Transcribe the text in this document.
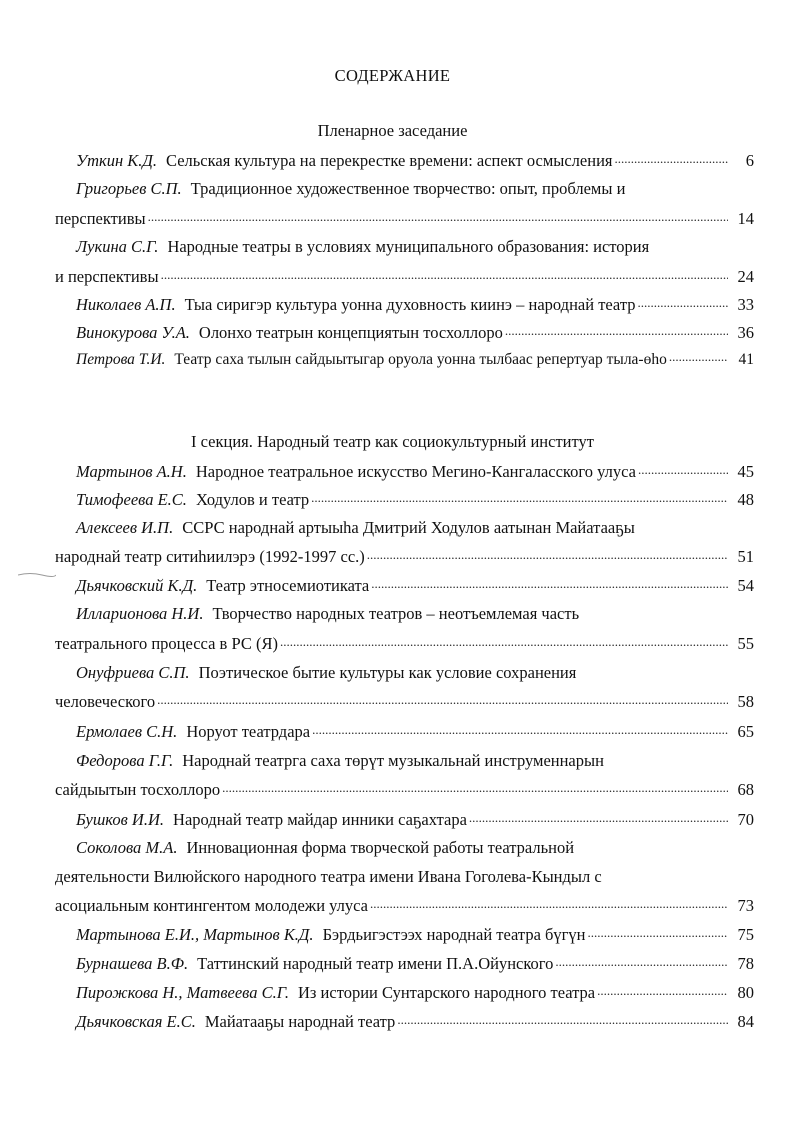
СОДЕРЖАНИЕ
Пленарное заседание
I секция. Народный театр как социокультурный институт
Уткин К.Д. Сельская культура на перекрестке времени: аспект осмысления .....	6
Григорьев С.П. Традиционное художественное творчество: опыт, проблемы и
перспективы .....	14
Лукина С.Г. Народные театры в условиях муниципального образования: история
и перспективы .....	24
Николаев А.П. Тыа сиригэр культура уонна духовность киинэ – народнай театр .....	33
Винокурова У.А. Олонхо театрын концепциятын тосхоллоро .....	36
Петрова Т.И. Театр саха тылын сайдыытыгар оруола уонна тылбаас репертуар тыла-өһо .....	41
Мартынов А.Н. Народное театральное искусство Мегино-Кангаласского улуса .....	45
Тимофеева Е.С. Ходулов и театр .....	48
Алексеев И.П. ССРС народнай артыыһа Дмитрий Ходулов аатынан Майатааҕы
народнай театр ситиһиилэрэ (1992-1997 сс.) .....	51
Дьячковский К.Д. Театр этносемиотиката .....	54
Илларионова Н.И. Творчество народных театров – неотъемлемая часть
театрального процесса в РС (Я) .....	55
Онуфриева С.П. Поэтическое бытие культуры как условие сохранения
человеческого .....	58
Ермолаев С.Н. Норуот театрдара .....	65
Федорова Г.Г. Народнай театрга саха төрүт музыкальнай инструменнарын
сайдыытын тосхоллоро .....	68
Бушков И.И. Народнай театр майдар инники саҕахтара .....	70
Соколова М.А. Инновационная форма творческой работы театральной
деятельности Вилюйского народного театра имени Ивана Гоголева-Кындыл с
асоциальным контингентом молодежи улуса .....	73
Мартынова Е.И., Мартынов К.Д. Бэрдьигэстээх народнай театра бүгүн .....	75
Бурнашева В.Ф. Таттинский народный театр имени П.А.Ойунского .....	78
Пирожкова Н., Матвеева С.Г. Из истории Сунтарского народного театра .....	80
Дьячковская Е.С. Майатааҕы народнай театр .....	84
